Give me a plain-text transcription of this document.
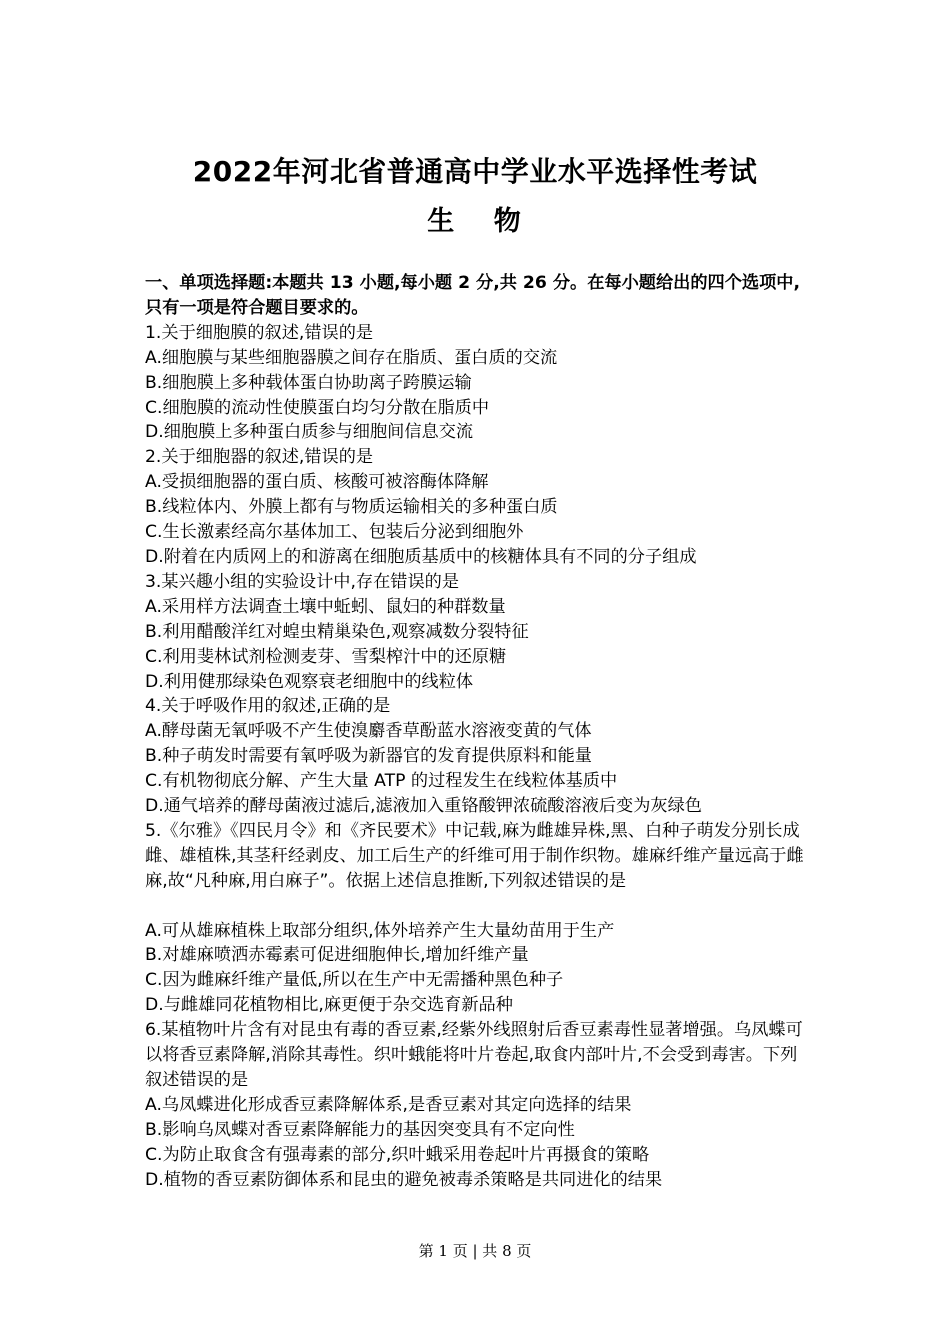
2022年河北省普通高中学业水平选择性考试
生 物

一、单项选择题:本题共 13 小题,每小题 2 分,共 26 分。在每小题给出的四个选项中,只有一项是符合题目要求的。

1.关于细胞膜的叙述,错误的是

A.细胞膜与某些细胞器膜之间存在脂质、蛋白质的交流

B.细胞膜上多种载体蛋白协助离子跨膜运输

C.细胞膜的流动性使膜蛋白均匀分散在脂质中

D.细胞膜上多种蛋白质参与细胞间信息交流

2.关于细胞器的叙述,错误的是

A.受损细胞器的蛋白质、核酸可被溶酶体降解

B.线粒体内、外膜上都有与物质运输相关的多种蛋白质

C.生长激素经高尔基体加工、包装后分泌到细胞外

D.附着在内质网上的和游离在细胞质基质中的核糖体具有不同的分子组成

3.某兴趣小组的实验设计中,存在错误的是

A.采用样方法调查土壤中蚯蚓、鼠妇的种群数量

B.利用醋酸洋红对蝗虫精巢染色,观察减数分裂特征

C.利用斐林试剂检测麦芽、雪梨榨汁中的还原糖

D.利用健那绿染色观察衰老细胞中的线粒体

4.关于呼吸作用的叙述,正确的是

A.酵母菌无氧呼吸不产生使溴麝香草酚蓝水溶液变黄的气体

B.种子萌发时需要有氧呼吸为新器官的发育提供原料和能量

C.有机物彻底分解、产生大量 ATP 的过程发生在线粒体基质中

D.通气培养的酵母菌液过滤后,滤液加入重铬酸钾浓硫酸溶液后变为灰绿色

5.《尔雅》《四民月令》和《齐民要术》中记载,麻为雌雄异株,黑、白种子萌发分别长成雌、雄植株,其茎秆经剥皮、加工后生产的纤维可用于制作织物。雄麻纤维产量远高于雌麻,故“凡种麻,用白麻子”。依据上述信息推断,下列叙述错误的是

A.可从雄麻植株上取部分组织,体外培养产生大量幼苗用于生产

B.对雄麻喷洒赤霉素可促进细胞伸长,增加纤维产量

C.因为雌麻纤维产量低,所以在生产中无需播种黑色种子

D.与雌雄同花植物相比,麻更便于杂交选育新品种

6.某植物叶片含有对昆虫有毒的香豆素,经紫外线照射后香豆素毒性显著增强。乌凤蝶可以将香豆素降解,消除其毒性。织叶蛾能将叶片卷起,取食内部叶片,不会受到毒害。下列叙述错误的是

A.乌凤蝶进化形成香豆素降解体系,是香豆素对其定向选择的结果

B.影响乌凤蝶对香豆素降解能力的基因突变具有不定向性

C.为防止取食含有强毒素的部分,织叶蛾采用卷起叶片再摄食的策略

D.植物的香豆素防御体系和昆虫的避免被毒杀策略是共同进化的结果

第 1 页 | 共 8 页
